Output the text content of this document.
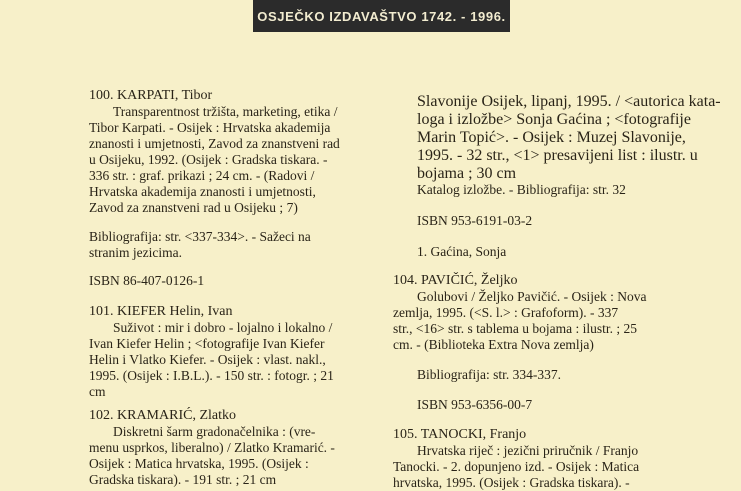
OSJEČKO IZDAVAŠTVO 1742. - 1996.
100. KARPATI, Tibor
Transparentnost tržišta, marketing, etika /
Tibor Karpati. - Osijek : Hrvatska akademija
znanosti i umjetnosti, Zavod za znanstveni rad
u Osijeku, 1992. (Osijek : Gradska tiskara. -
336 str. : graf. prikazi ; 24 cm. - (Radovi /
Hrvatska akademija znanosti i umjetnosti,
Zavod za znanstveni rad u Osijeku ; 7)
Bibliografija: str. <337-334>. - Sažeci na
stranim jezicima.
ISBN 86-407-0126-1
101. KIEFER Helin, Ivan
Suživot : mir i dobro - lojalno i lokalno /
Ivan Kiefer Helin ; <fotografije Ivan Kiefer
Helin i Vlatko Kiefer. - Osijek : vlast. nakl.,
1995. (Osijek : I.B.L.). - 150 str. : fotogr. ; 21
cm
102. KRAMARIĆ, Zlatko
Diskretni šarm gradonačelnika : (vre-
menu usprkos, liberalno) / Zlatko Kramarić. -
Osijek : Matica hrvatska, 1995. (Osijek :
Gradska tiskara). - 191 str. ; 21 cm
Slavonije Osijek, lipanj, 1995. / <autorica kata-
loga i izložbe> Sonja Gaćina ; <fotografije
Marin Topić>. - Osijek : Muzej Slavonije,
1995. - 32 str., <1> presavijeni list : ilustr. u
bojama ; 30 cm
Katalog izložbe. - Bibliografija: str. 32
ISBN 953-6191-03-2
1. Gaćina, Sonja
104. PAVIČIĆ, Željko
Golubovi / Željko Pavičić. - Osijek : Nova
zemlja, 1995. (<S. l.> : Grafoform). - 337
str., <16> str. s tablema u bojama : ilustr. ; 25
cm. - (Biblioteka Extra Nova zemlja)
Bibliografija: str. 334-337.
ISBN 953-6356-00-7
105. TANOCKI, Franjo
Hrvatska riječ : jezični priručnik / Franjo
Tanocki. - 2. dopunjeno izd. - Osijek : Matica
hrvatska, 1995. (Osijek : Gradska tiskara). -
